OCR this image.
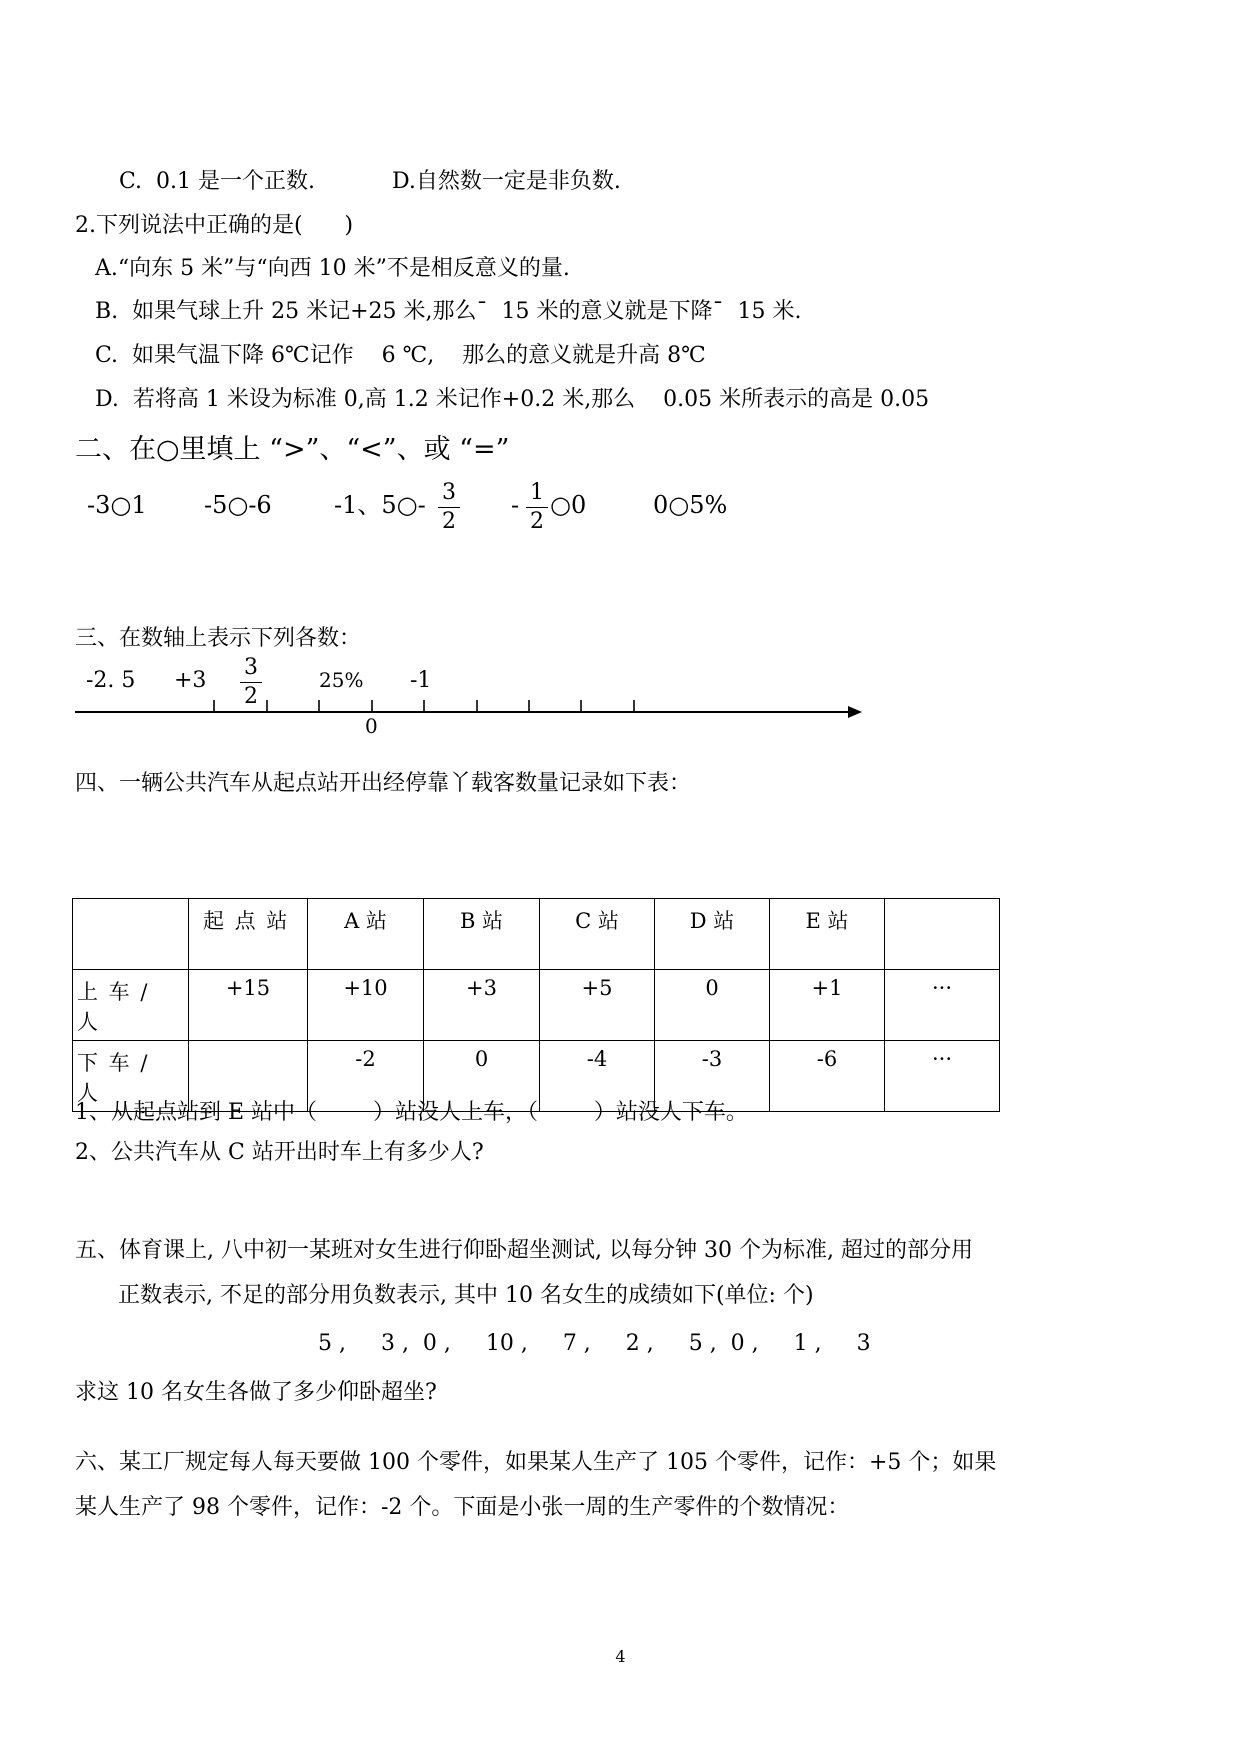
C.  0.1 是一个正数.	D.自然数一定是非负数.
2.下列说法中正确的是(      )
A.“向东 5 米”与“向西 10 米”不是相反意义的量.
B.  如果气球上升 25 米记+25 米,那么ˉ  15 米的意义就是下降ˉ  15 米.
C.  如果气温下降 6℃记作    6 ℃,    那么的意义就是升高 8℃
D.  若将高 1 米设为标准 0,高 1.2 米记作+0.2 米,那么    0.05 米所表示的高是 0.05
二、在○里填上 “>”、“<”、或 “=”
-3○1 -5○-6	-1、5○- 3
2
- 1
2
○0	0○5%
三、在数轴上表示下列各数：
-2. 5 +3
3
2
25% -1
0
四、一辆公共汽车从起点站开出经停靠丫载客数量记录如下表：
	起 点 站	A 站	B 站	C 站	D 站	E 站	
上 车 /人	+15	+10	+3	+5	0	+1	···
下 车 /人		-2	0	-4	-3	-6	···
1、从起点站到 E 站中（        ）站没人上车，（        ）站没人下车。
2、公共汽车从 C 站开出时车上有多少人?
五、体育课上, 八中初一某班对女生进行仰卧超坐测试, 以每分钟 30 个为标准, 超过的部分用
正数表示, 不足的部分用负数表示, 其中 10 名女生的成绩如下(单位: 个)
5 ,     3 ,  0 ,     10 ,     7 ,     2 ,     5 ,  0 ,     1 ,     3
求这 10 名女生各做了多少仰卧超坐?
六、某工厂规定每人每天要做 100 个零件，如果某人生产了 105 个零件，记作：+5 个；如果
某人生产了 98 个零件，记作：-2 个。下面是小张一周的生产零件的个数情况：
4
